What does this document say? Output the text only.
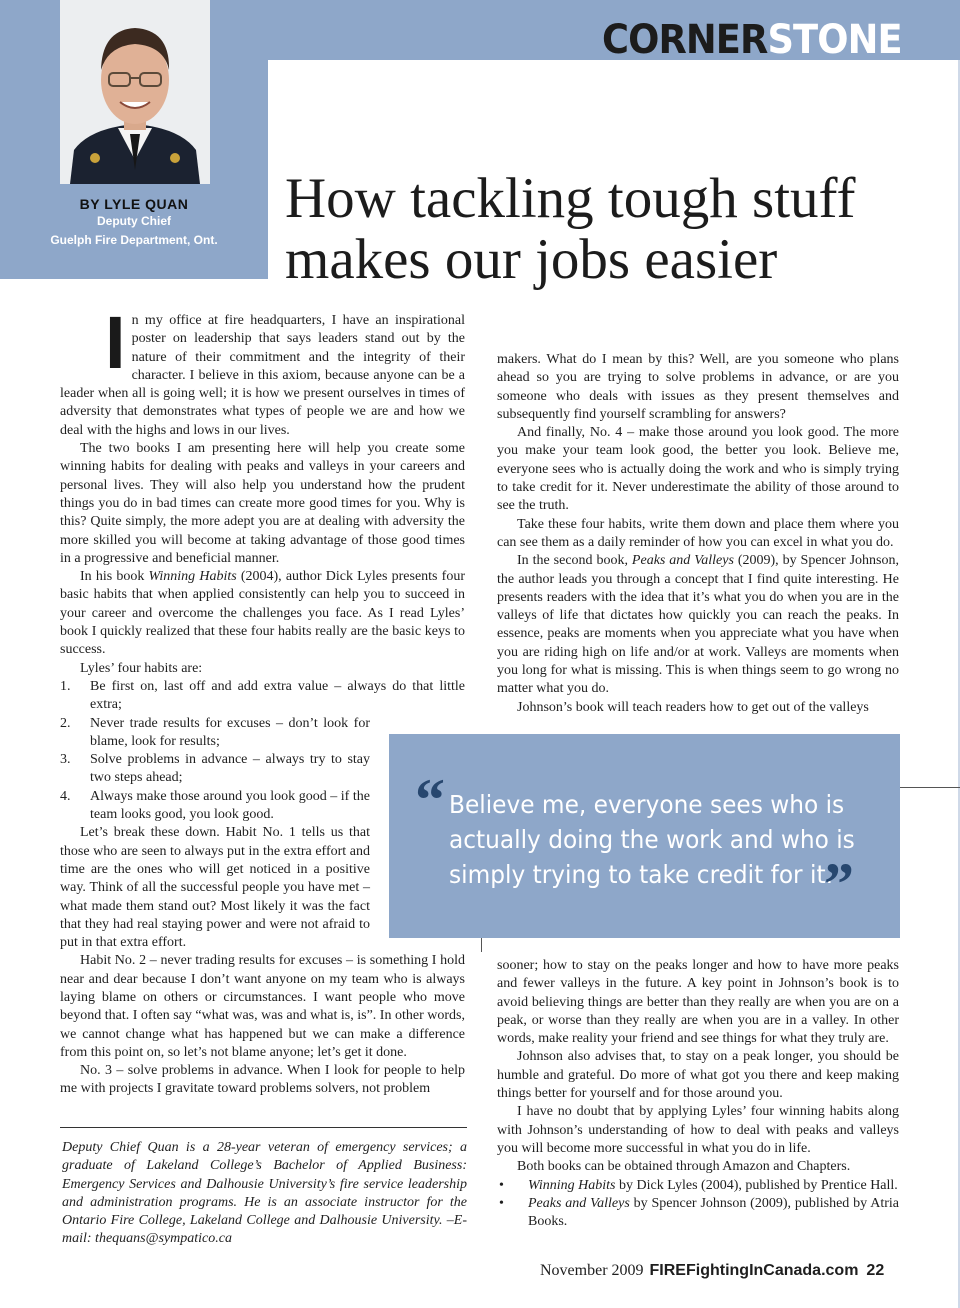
CORNERSTONE
BY LYLE QUAN
Deputy Chief
Guelph Fire Department, Ont.
How tackling tough stuff
makes our jobs easier

In my office at fire headquarters, I have an inspirational poster on leadership that says leaders stand out by the nature of their commitment and the integrity of their character. I believe in this axiom, because anyone can be a leader when all is going well; it is how we present ourselves in times of adversity that demonstrates what types of people we are and how we deal with the highs and lows in our lives.

The two books I am presenting here will help you create some winning habits for dealing with peaks and valleys in your careers and personal lives. They will also help you understand how the prudent things you do in bad times can create more good times for you. Why is this? Quite simply, the more adept you are at dealing with adversity the more skilled you will become at taking advantage of those good times in a progressive and beneficial manner.

In his book Winning Habits (2004), author Dick Lyles presents four basic habits that when applied consistently can help you to succeed in your career and overcome the challenges you face. As I read Lyles’ book I quickly realized that these four habits really are the basic keys to success.

Lyles’ four habits are:

1. Be first on, last off and add extra value – always do that little extra;
2. Never trade results for excuses – don’t look for blame, look for results;
3. Solve problems in advance – always try to stay two steps ahead;
4. Always make those around you look good – if the team looks good, you look good.

Let’s break these down. Habit No. 1 tells us that those who are seen to always put in the extra effort and time are the ones who will get noticed in a positive way. Think of all the successful people you have met – what made them stand out? Most likely it was the fact that they had real staying power and were not afraid to put in that extra effort.

Habit No. 2 – never trading results for excuses – is something I hold near and dear because I don’t want anyone on my team who is always laying blame on others or circumstances. I want people who move beyond that. I often say “what was, was and what is, is”. In other words, we cannot change what has happened but we can make a difference from this point on, so let’s not blame anyone; let’s get it done.

No. 3 – solve problems in advance. When I look for people to help me with projects I gravitate toward problems solvers, not problem

makers. What do I mean by this? Well, are you someone who plans ahead so you are trying to solve problems in advance, or are you someone who deals with issues as they present themselves and subsequently find yourself scrambling for answers?

And finally, No. 4 – make those around you look good. The more you make your team look good, the better you look. Believe me, everyone sees who is actually doing the work and who is simply trying to take credit for it. Never underestimate the ability of those around to see the truth.

Take these four habits, write them down and place them where you can see them as a daily reminder of how you can excel in what you do.

In the second book, Peaks and Valleys (2009), by Spencer Johnson, the author leads you through a concept that I find quite interesting. He presents readers with the idea that it’s what you do when you are in the valleys of life that dictates how quickly you can reach the peaks. In essence, peaks are moments when you appreciate what you have when you are riding high on life and/or at work. Valleys are moments when you long for what is missing. This is when things seem to go wrong no matter what you do.

Johnson’s book will teach readers how to get out of the valleys

“ Believe me, everyone sees who is actually doing the work and who is simply trying to take credit for it.
”

sooner; how to stay on the peaks longer and how to have more peaks and fewer valleys in the future. A key point in Johnson’s book is to avoid believing things are better than they really are when you are on a peak, or worse than they really are when you are in a valley. In other words, make reality your friend and see things for what they truly are.

Johnson also advises that, to stay on a peak longer, you should be humble and grateful. Do more of what got you there and keep making things better for yourself and for those around you.

I have no doubt that by applying Lyles’ four winning habits along with Johnson’s understanding of how to deal with peaks and valleys you will become more successful in what you do in life.

Both books can be obtained through Amazon and Chapters.

• Winning Habits by Dick Lyles (2004), published by Prentice Hall.
• Peaks and Valleys by Spencer Johnson (2009), published by Atria Books.
Deputy Chief Quan is a 28-year veteran of emergency services; a graduate of Lakeland College’s Bachelor of Applied Business: Emergency Services and Dalhousie University’s fire service leadership and administration programs. He is an associate instructor for the Ontario Fire College, Lakeland College and Dalhousie University. –E-mail: thequans@sympatico.ca
November 2009 FIREFightingInCanada.com 22
